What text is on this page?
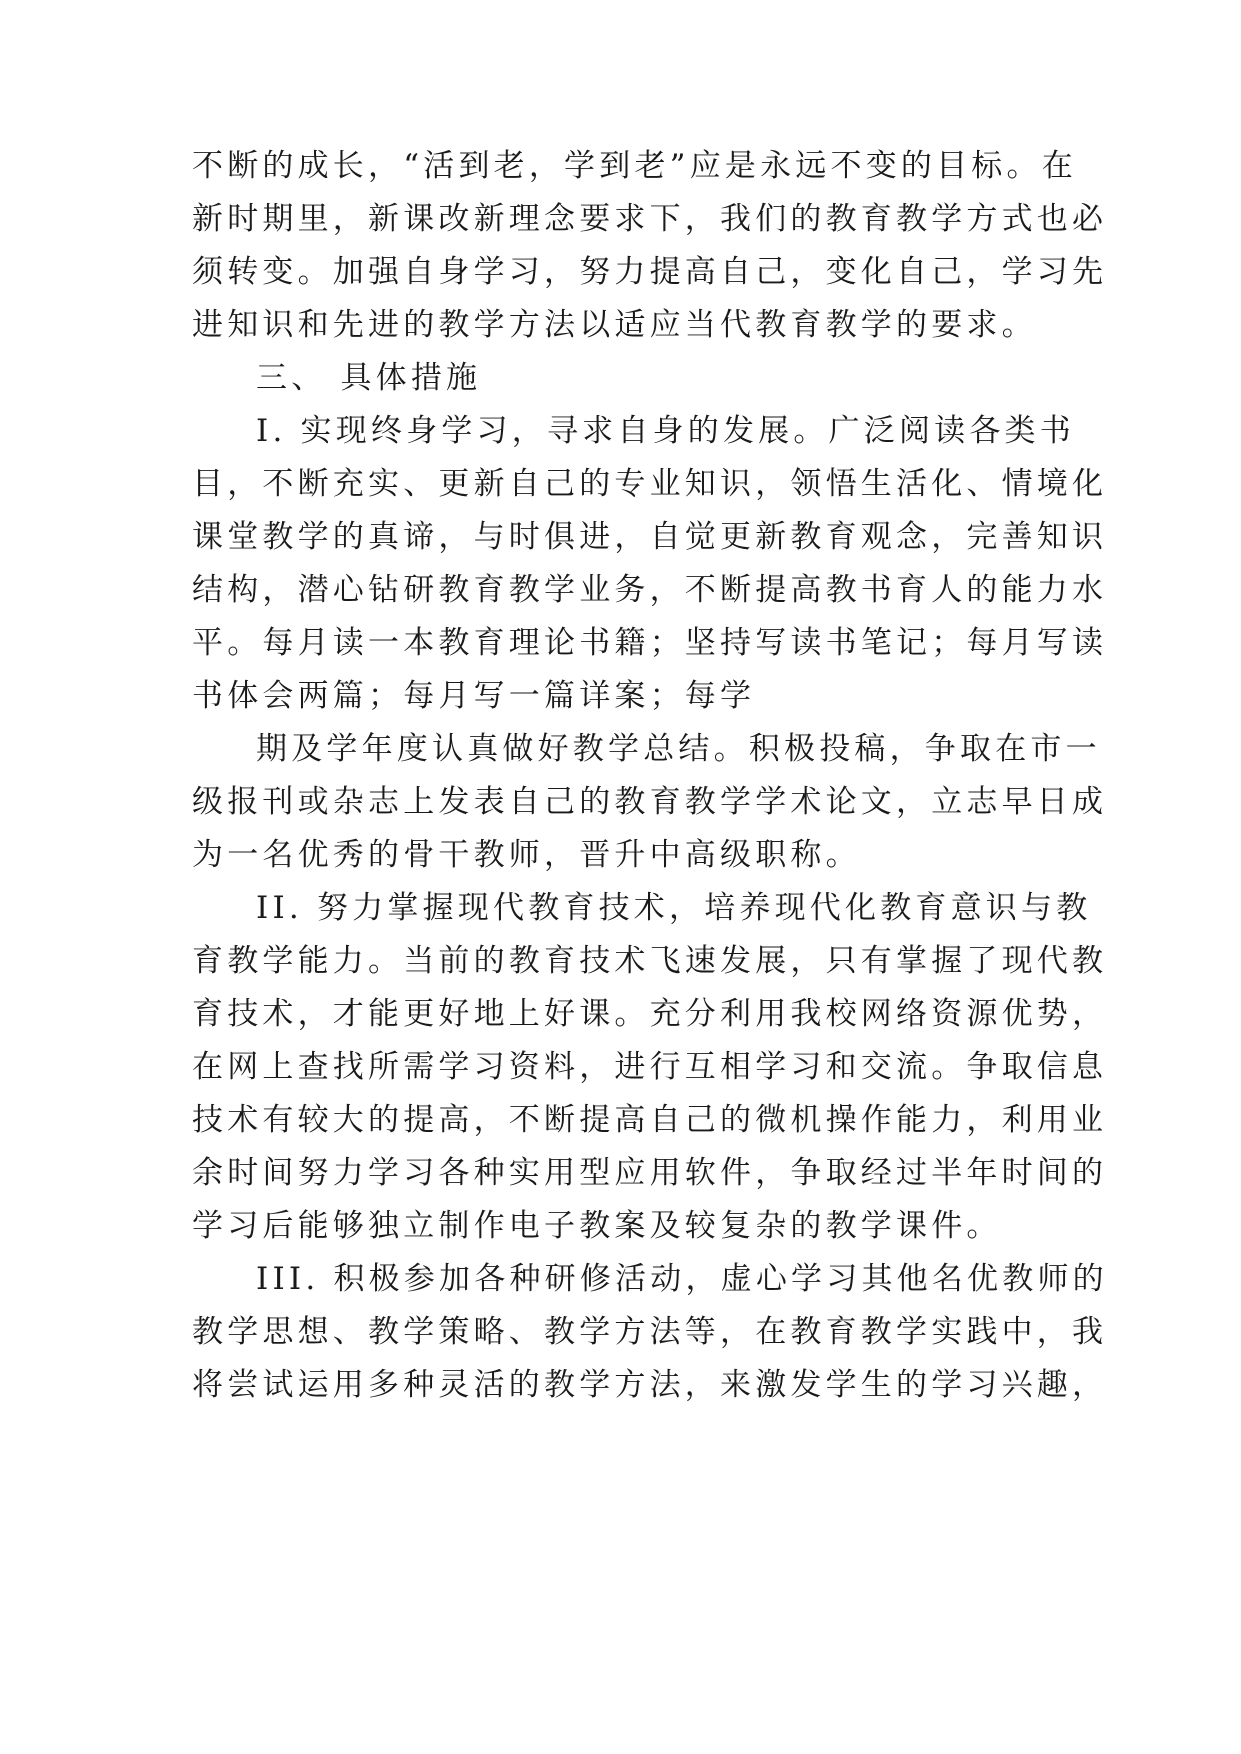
不断的成长，“活到老，学到老”应是永远不变的目标。在
新时期里，新课改新理念要求下，我们的教育教学方式也必
须转变。加强自身学习，努力提高自己，变化自己，学习先
进知识和先进的教学方法以适应当代教育教学的要求。
三、 具体措施
I. 实现终身学习，寻求自身的发展。广泛阅读各类书
目，不断充实、更新自己的专业知识，领悟生活化、情境化
课堂教学的真谛，与时俱进，自觉更新教育观念，完善知识
结构，潜心钻研教育教学业务，不断提高教书育人的能力水
平。每月读一本教育理论书籍；坚持写读书笔记；每月写读
书体会两篇；每月写一篇详案；每学
期及学年度认真做好教学总结。积极投稿，争取在市一
级报刊或杂志上发表自己的教育教学学术论文，立志早日成
为一名优秀的骨干教师，晋升中高级职称。
II. 努力掌握现代教育技术，培养现代化教育意识与教
育教学能力。当前的教育技术飞速发展，只有掌握了现代教
育技术，才能更好地上好课。充分利用我校网络资源优势，
在网上查找所需学习资料，进行互相学习和交流。争取信息
技术有较大的提高，不断提高自己的微机操作能力，利用业
余时间努力学习各种实用型应用软件，争取经过半年时间的
学习后能够独立制作电子教案及较复杂的教学课件。
III. 积极参加各种研修活动，虚心学习其他名优教师的
教学思想、教学策略、教学方法等，在教育教学实践中，我
将尝试运用多种灵活的教学方法，来激发学生的学习兴趣，
